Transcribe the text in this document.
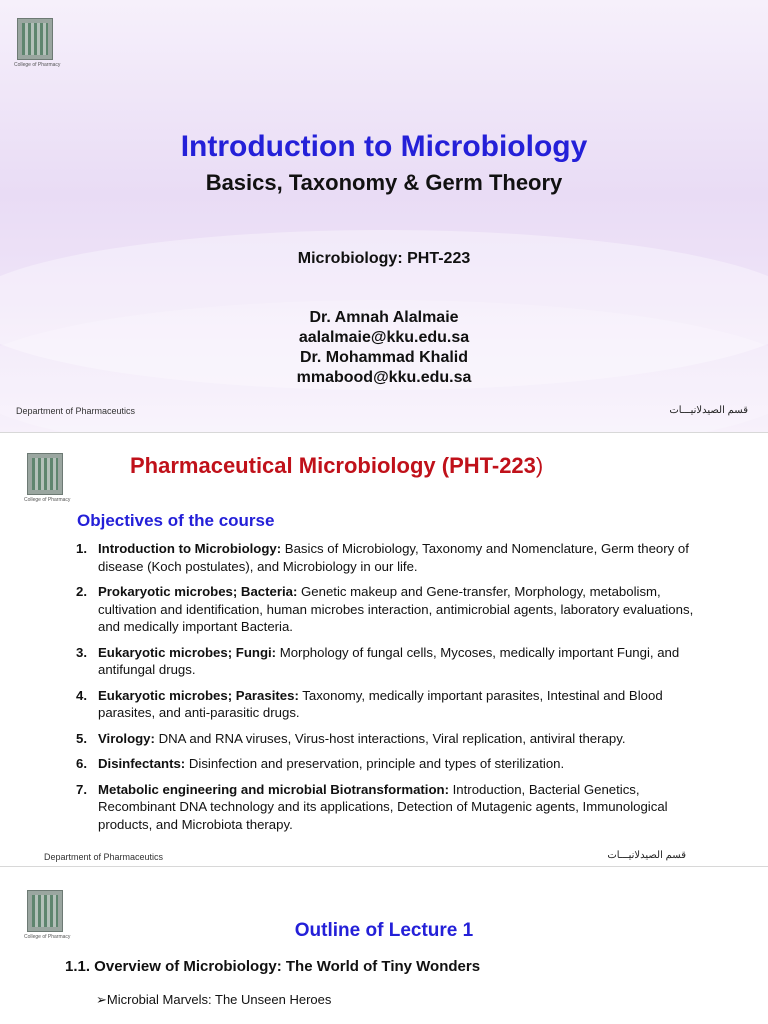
College of Pharmacy
Introduction to Microbiology
Basics, Taxonomy & Germ Theory
Microbiology: PHT-223
Dr. Amnah Alalmaie
aalalmaie@kku.edu.sa
Dr. Mohammad Khalid
mmabood@kku.edu.sa
Department of Pharmaceutics	قسم الصيدلانيـــات
College of Pharmacy
Pharmaceutical Microbiology (PHT-223)
Objectives of the course
1. Introduction to Microbiology: Basics of Microbiology, Taxonomy and Nomenclature, Germ theory of disease (Koch postulates), and Microbiology in our life.
2. Prokaryotic microbes; Bacteria: Genetic makeup and Gene-transfer, Morphology, metabolism, cultivation and identification, human microbes interaction, antimicrobial agents, laboratory evaluations, and medically important Bacteria.
3. Eukaryotic microbes; Fungi: Morphology of fungal cells, Mycoses, medically important Fungi, and antifungal drugs.
4. Eukaryotic microbes; Parasites: Taxonomy, medically important parasites, Intestinal and Blood parasites, and anti-parasitic drugs.
5. Virology: DNA and RNA viruses, Virus-host interactions, Viral replication, antiviral therapy.
6. Disinfectants: Disinfection and preservation, principle and types of sterilization.
7. Metabolic engineering and microbial Biotransformation: Introduction, Bacterial Genetics, Recombinant DNA technology and its applications, Detection of Mutagenic agents, Immunological products, and Microbiota therapy.
Department of Pharmaceutics	قسم الصيدلانيـــات
College of Pharmacy	Outline of Lecture 1
1.1. Overview of Microbiology: The World of Tiny Wonders
➢Microbial Marvels: The Unseen Heroes
